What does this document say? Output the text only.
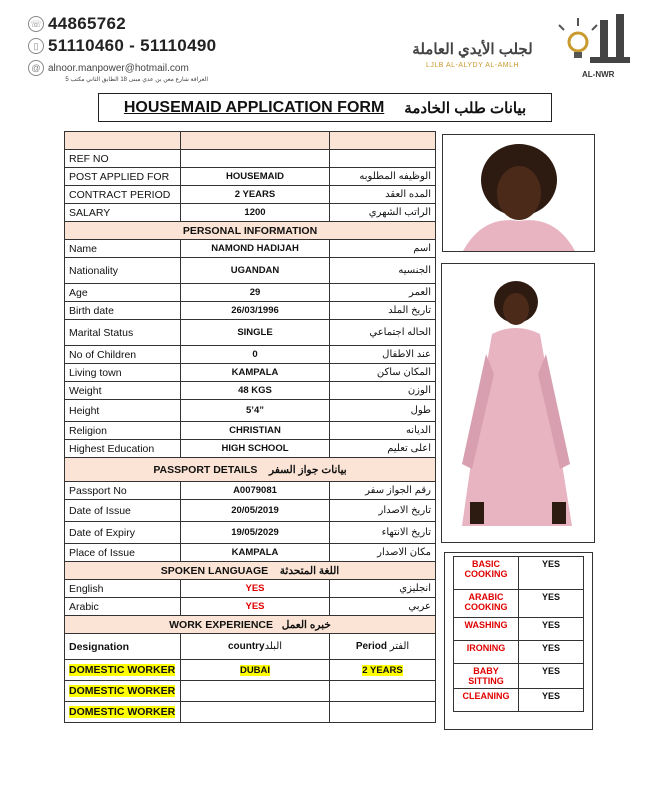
☏ 44865762
▯ 51110460 - 51110490
@ alnoor.manpower@hotmail.com
الغرافة شارع معن بن عدي مبنى 18 الطابق الثاني مكتب 5
لجلب الأيدي العاملة
LJLB AL-ALYDY AL-AMLH
AL-NWR
HOUSEMAID APPLICATION FORM بيانات طلب الخادمة

REF NO		
POST APPLIED FOR	HOUSEMAID	الوظيفه المطلوبه
CONTRACT PERIOD	2 YEARS	المده العقد
SALARY	1200	الراتب الشهري
PERSONAL INFORMATION		
Name	NAMOND HADIJAH	اسم
Nationality	UGANDAN	الجنسيه
Age	29	العمر
Birth date	26/03/1996	تاريخ الملد
Marital Status	SINGLE	الحاله اجتماعي
No of Children	0	عند الاطفال
Living town	KAMPALA	المكان ساكن
Weight	48 KGS	الوزن
Height	5’4”	طول
Religion	CHRISTIAN	الديانه
Highest Education	HIGH SCHOOL	اعلى تعليم
PASSPORT DETAILS بيانات جواز السفر		
Passport No	A0079081	رقم الجواز سفر
Date of Issue	20/05/2019	تاريخ الاصدار
Date of Expiry	19/05/2029	تاريخ الانتهاء
Place of Issue	KAMPALA	مكان الاصدار
SPOKEN LANGUAGE اللغة المتحدثة		
English	YES	انجليزي
Arabic	YES	عربي
WORK EXPERIENCE خبره العمل		
Designation	countryالبلد	Period الفتر
DOMESTIC WORKER	DUBAI	2 YEARS
DOMESTIC WORKER		
DOMESTIC WORKER		
BASIC COOKING	YES
ARABIC COOKING	YES
WASHING	YES
IRONING	YES
BABY SITTING	YES
CLEANING	YES
